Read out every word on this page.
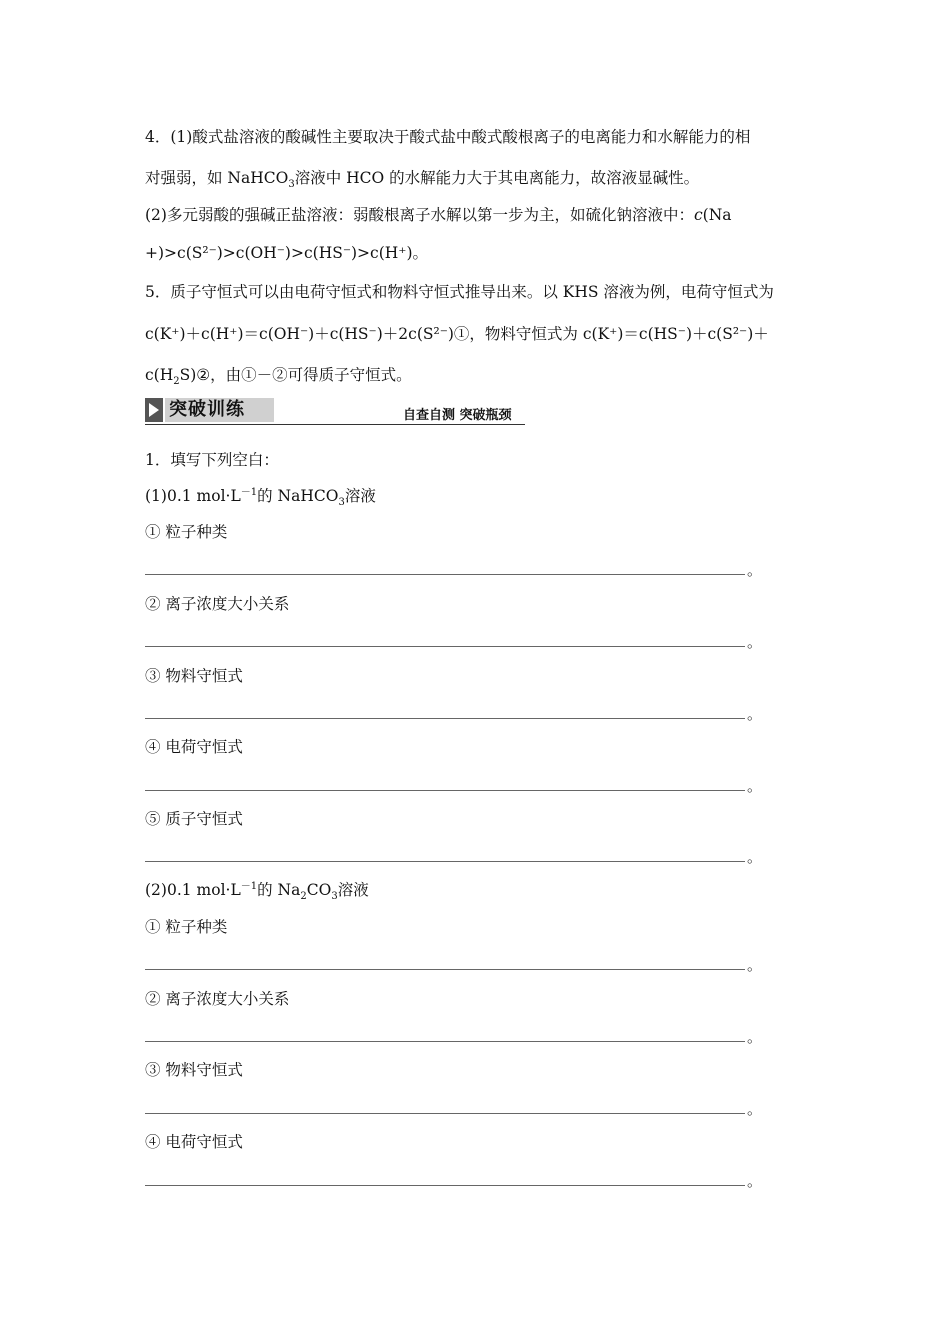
4．(1)酸式盐溶液的酸碱性主要取决于酸式盐中酸式酸根离子的电离能力和水解能力的相
对强弱，如 NaHCO$_3$溶液中 HCO 的水解能力大于其电离能力，故溶液显碱性。
(2)多元弱酸的强碱正盐溶液：弱酸根离子水解以第一步为主，如硫化钠溶液中：c(Na
+)>c(S²⁻)>c(OH⁻)>c(HS⁻)>c(H⁺)。
5．质子守恒式可以由电荷守恒式和物料守恒式推导出来。以 KHS 溶液为例，电荷守恒式为
c(K⁺)＋c(H⁺)＝c(OH⁻)＋c(HS⁻)＋2c(S²⁻)①，物料守恒式为 c(K⁺)＝c(HS⁻)＋c(S²⁻)＋
$c(H_2S)②$，由①－②可得质子守恒式。
突破训练	自查自测 突破瓶颈
1．填写下列空白：
(1)0.1 $mol\cdot L^{-1}$的 NaHCO$_3$溶液
① 粒子种类
。
② 离子浓度大小关系
。
③ 物料守恒式
。
④ 电荷守恒式
。
⑤ 质子守恒式
。
(2)0.1 $mol\cdot L^{-1}$的 $Na_2CO_3$溶液
① 粒子种类
。
② 离子浓度大小关系
。
③ 物料守恒式
。
④ 电荷守恒式
。
